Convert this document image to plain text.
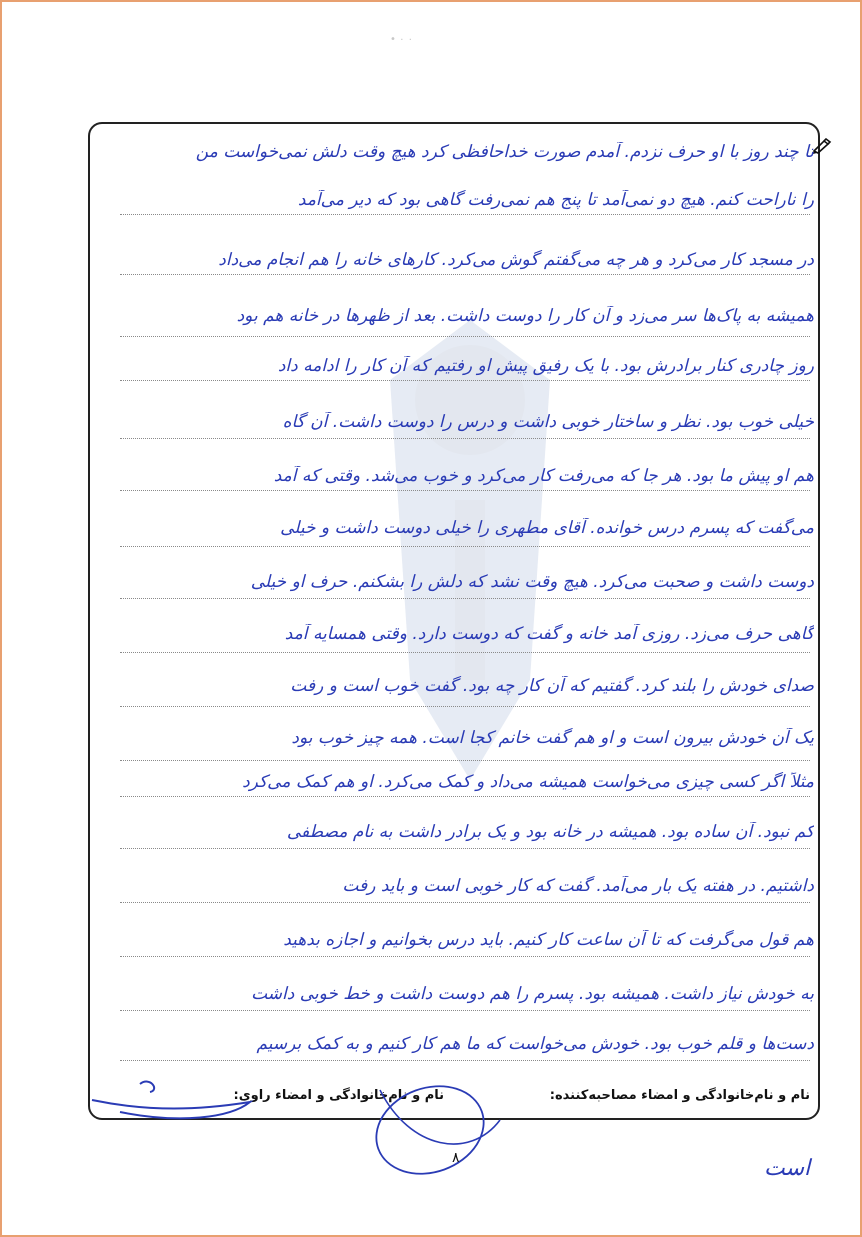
• ۰ ۰
تا چند روز با او حرف نزدم. آمدم صورت خداحافظی کرد هیچ وقت دلش نمی‌خواست من
را ناراحت کنم. هیچ دو نمی‌آمد تا پنج هم نمی‌رفت گاهی بود که دیر می‌آمد
در مسجد کار می‌کرد و هر چه می‌گفتم گوش می‌کرد. کارهای خانه را هم انجام می‌داد
همیشه به پاک‌ها سر می‌زد و آن کار را دوست داشت. بعد از ظهرها در خانه هم بود
روز چادری کنار برادرش بود. با یک رفیق پیش او رفتیم که آن کار را ادامه داد
خیلی خوب بود. نظر و ساختار خوبی داشت و درس را دوست داشت. آن گاه
هم او پیش ما بود. هر جا که می‌رفت کار می‌کرد و خوب می‌شد. وقتی که آمد
می‌گفت که پسرم درس خوانده. آقای مطهری را خیلی دوست داشت و خیلی
دوست داشت و صحبت می‌کرد. هیچ وقت نشد که دلش را بشکنم. حرف او خیلی
گاهی حرف می‌زد. روزی آمد خانه و گفت که دوست دارد. وقتی همسایه آمد
صدای خودش را بلند کرد. گفتیم که آن کار چه بود. گفت خوب است و رفت
یک آن خودش بیرون است و او هم گفت خانم کجا است. همه چیز خوب بود
مثلاً اگر کسی چیزی می‌خواست همیشه می‌داد و کمک می‌کرد. او هم کمک می‌کرد
کم نبود. آن ساده بود. همیشه در خانه بود و یک برادر داشت به نام مصطفی
داشتیم. در هفته یک بار می‌آمد. گفت که کار خوبی است و باید رفت
هم قول می‌گرفت که تا آن ساعت کار کنیم. باید درس بخوانیم و اجازه بدهید
به خودش نیاز داشت. همیشه بود. پسرم را هم دوست داشت و خط خوبی داشت
دست‌ها و قلم خوب بود. خودش می‌خواست که ما هم کار کنیم و به کمک برسیم
نام و نام‌خانوادگی و امضاء مصاحبه‌کننده:
نام و نام‌خانوادگی و امضاء راوی:
۸	است
